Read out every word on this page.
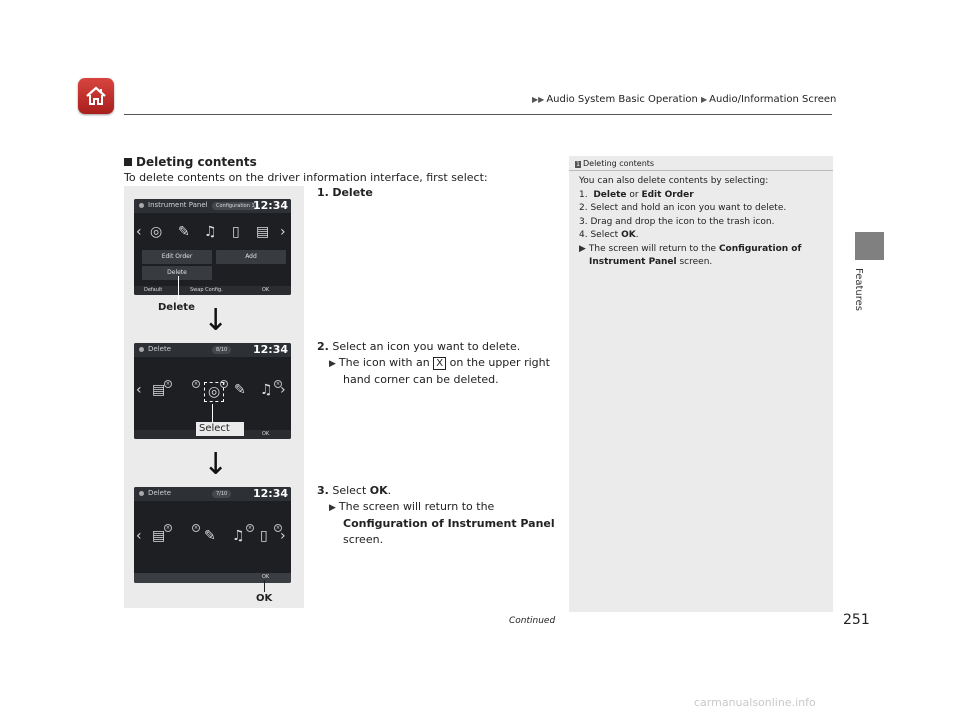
▶▶ Audio System Basic Operation ▶ Audio/Information Screen
Features
Deleting contents
To delete contents on the driver information interface, first select:
Instrument Panel	Configuration 1
12:34
‹ ◎ ✎ ♫ ▯ ▤ ›
Edit Order	Add
Delete
Default	Swap Config.	OK
Delete ↓
Delete	8/10	12:34
‹ ▤	◎ ✎ ♫ ›
×	×	×	×
OK
Select
↓
Delete	7/10	12:34
‹ ▤	✎ ♫ ▯ ›
×	×	×	×
OK
OK
1. Delete
2. Select an icon you want to delete.
▶ The icon with an X on the upper right
hand corner can be deleted.
3. Select OK.
▶ The screen will return to the
Configuration of Instrument Panel
screen.
1 Deleting contents
You can also delete contents by selecting:
1. Delete or Edit Order
2. Select and hold an icon you want to delete.
3. Drag and drop the icon to the trash icon.
4. Select OK.
▶ The screen will return to the Configuration of
Instrument Panel screen.
Continued	251
carmanualsonline.info
